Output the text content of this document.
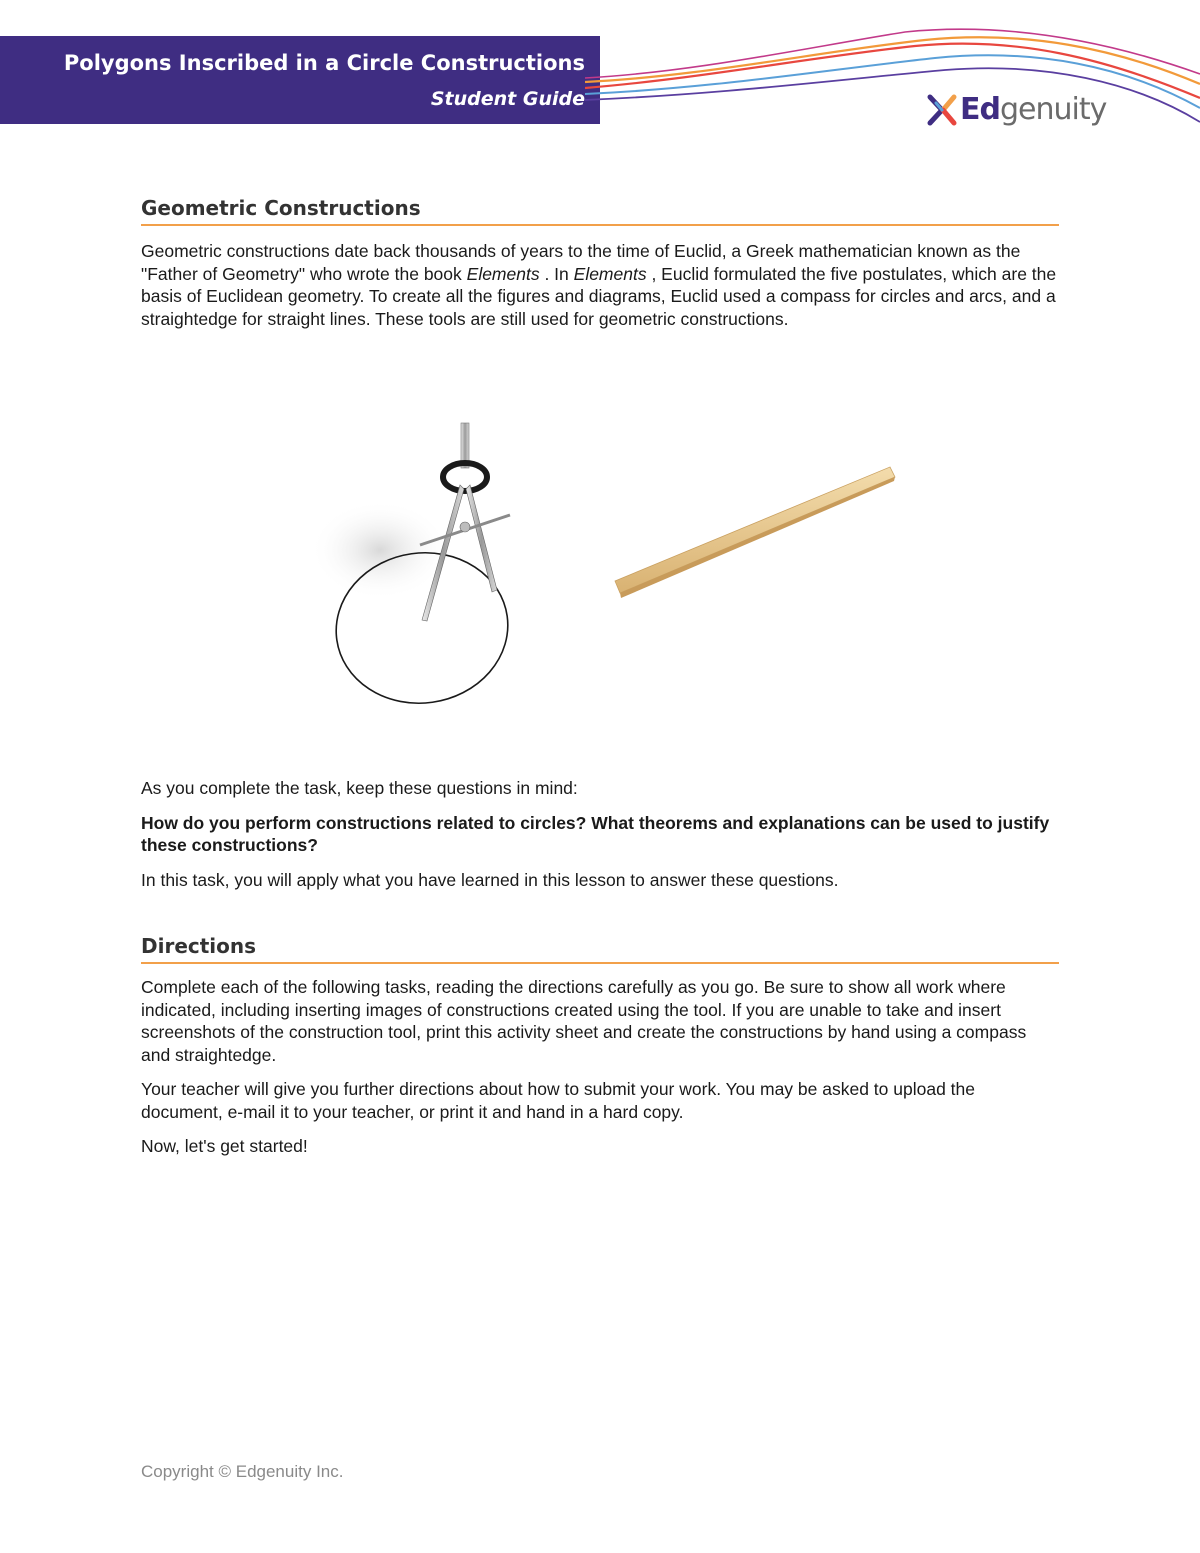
Polygons Inscribed in a Circle Constructions
Student Guide	Edgenuity
Geometric Constructions

Geometric constructions date back thousands of years to the time of Euclid, a Greek mathematician known as the "Father of Geometry" who wrote the book Elements . In Elements , Euclid formulated the five postulates, which are the basis of Euclidean geometry. To create all the figures and diagrams, Euclid used a compass for circles and arcs, and a straightedge for straight lines. These tools are still used for geometric constructions.

As you complete the task, keep these questions in mind:

How do you perform constructions related to circles? What theorems and explanations can be used to justify these constructions?

In this task, you will apply what you have learned in this lesson to answer these questions.

Directions

Complete each of the following tasks, reading the directions carefully as you go. Be sure to show all work where indicated, including inserting images of constructions created using the tool. If you are unable to take and insert screenshots of the construction tool, print this activity sheet and create the constructions by hand using a compass and straightedge.

Your teacher will give you further directions about how to submit your work. You may be asked to upload the document, e-mail it to your teacher, or print it and hand in a hard copy.

Now, let's get started!

Copyright © Edgenuity Inc.
